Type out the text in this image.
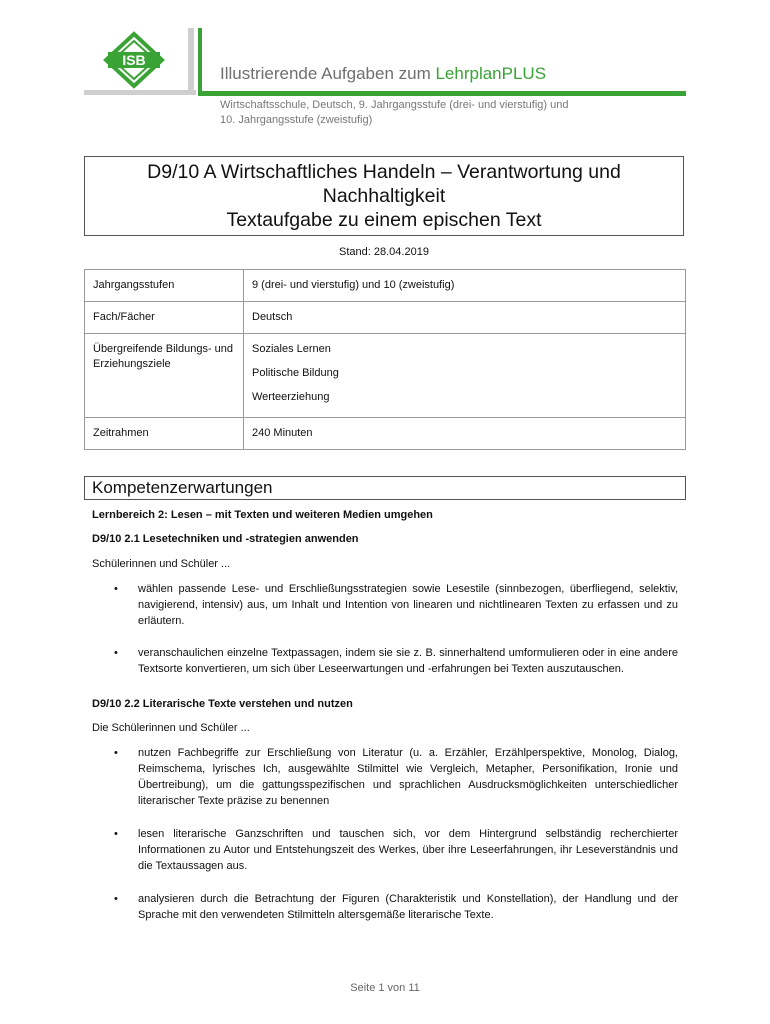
ISB
Illustrierende Aufgaben zum LehrplanPLUS
Wirtschaftsschule, Deutsch, 9. Jahrgangsstufe (drei- und vierstufig) und
10. Jahrgangsstufe (zweistufig)
D9/10 A Wirtschaftliches Handeln – Verantwortung und
Nachhaltigkeit
Textaufgabe zu einem epischen Text
Stand: 28.04.2019
Jahrgangsstufen	9 (drei- und vierstufig) und 10 (zweistufig)
Fach/Fächer	Deutsch
Übergreifende Bildungs- und Erziehungsziele	Soziales Lernen
Politische Bildung
Werteerziehung

Zeitrahmen	240 Minuten
Kompetenzerwartungen
Lernbereich 2: Lesen – mit Texten und weiteren Medien umgehen
D9/10 2.1 Lesetechniken und -strategien anwenden
Schülerinnen und Schüler ...
• wählen passende Lese- und Erschließungsstrategien sowie Lesestile (sinnbezogen, überfliegend, selektiv, navigierend, intensiv) aus, um Inhalt und Intention von linearen und nichtlinearen Texten zu erfassen und zu erläutern.
• veranschaulichen einzelne Textpassagen, indem sie sie z. B. sinnerhaltend umformulieren oder in eine andere Textsorte konvertieren, um sich über Leseerwartungen und -erfahrungen bei Texten auszutauschen.
D9/10 2.2 Literarische Texte verstehen und nutzen
Die Schülerinnen und Schüler ...
• nutzen Fachbegriffe zur Erschließung von Literatur (u. a. Erzähler, Erzählperspektive, Monolog, Dialog, Reimschema, lyrisches Ich, ausgewählte Stilmittel wie Vergleich, Metapher, Personifikation, Ironie und Übertreibung), um die gattungsspezifischen und sprachlichen Ausdrucksmöglichkeiten unterschiedlicher literarischer Texte präzise zu benennen
• lesen literarische Ganzschriften und tauschen sich, vor dem Hintergrund selbständig recherchierter Informationen zu Autor und Entstehungszeit des Werkes, über ihre Leseerfahrungen, ihr Leseverständnis und die Textaussagen aus.
• analysieren durch die Betrachtung der Figuren (Charakteristik und Konstellation), der Handlung und der Sprache mit den verwendeten Stilmitteln altersgemäße literarische Texte.
Seite 1 von 11
